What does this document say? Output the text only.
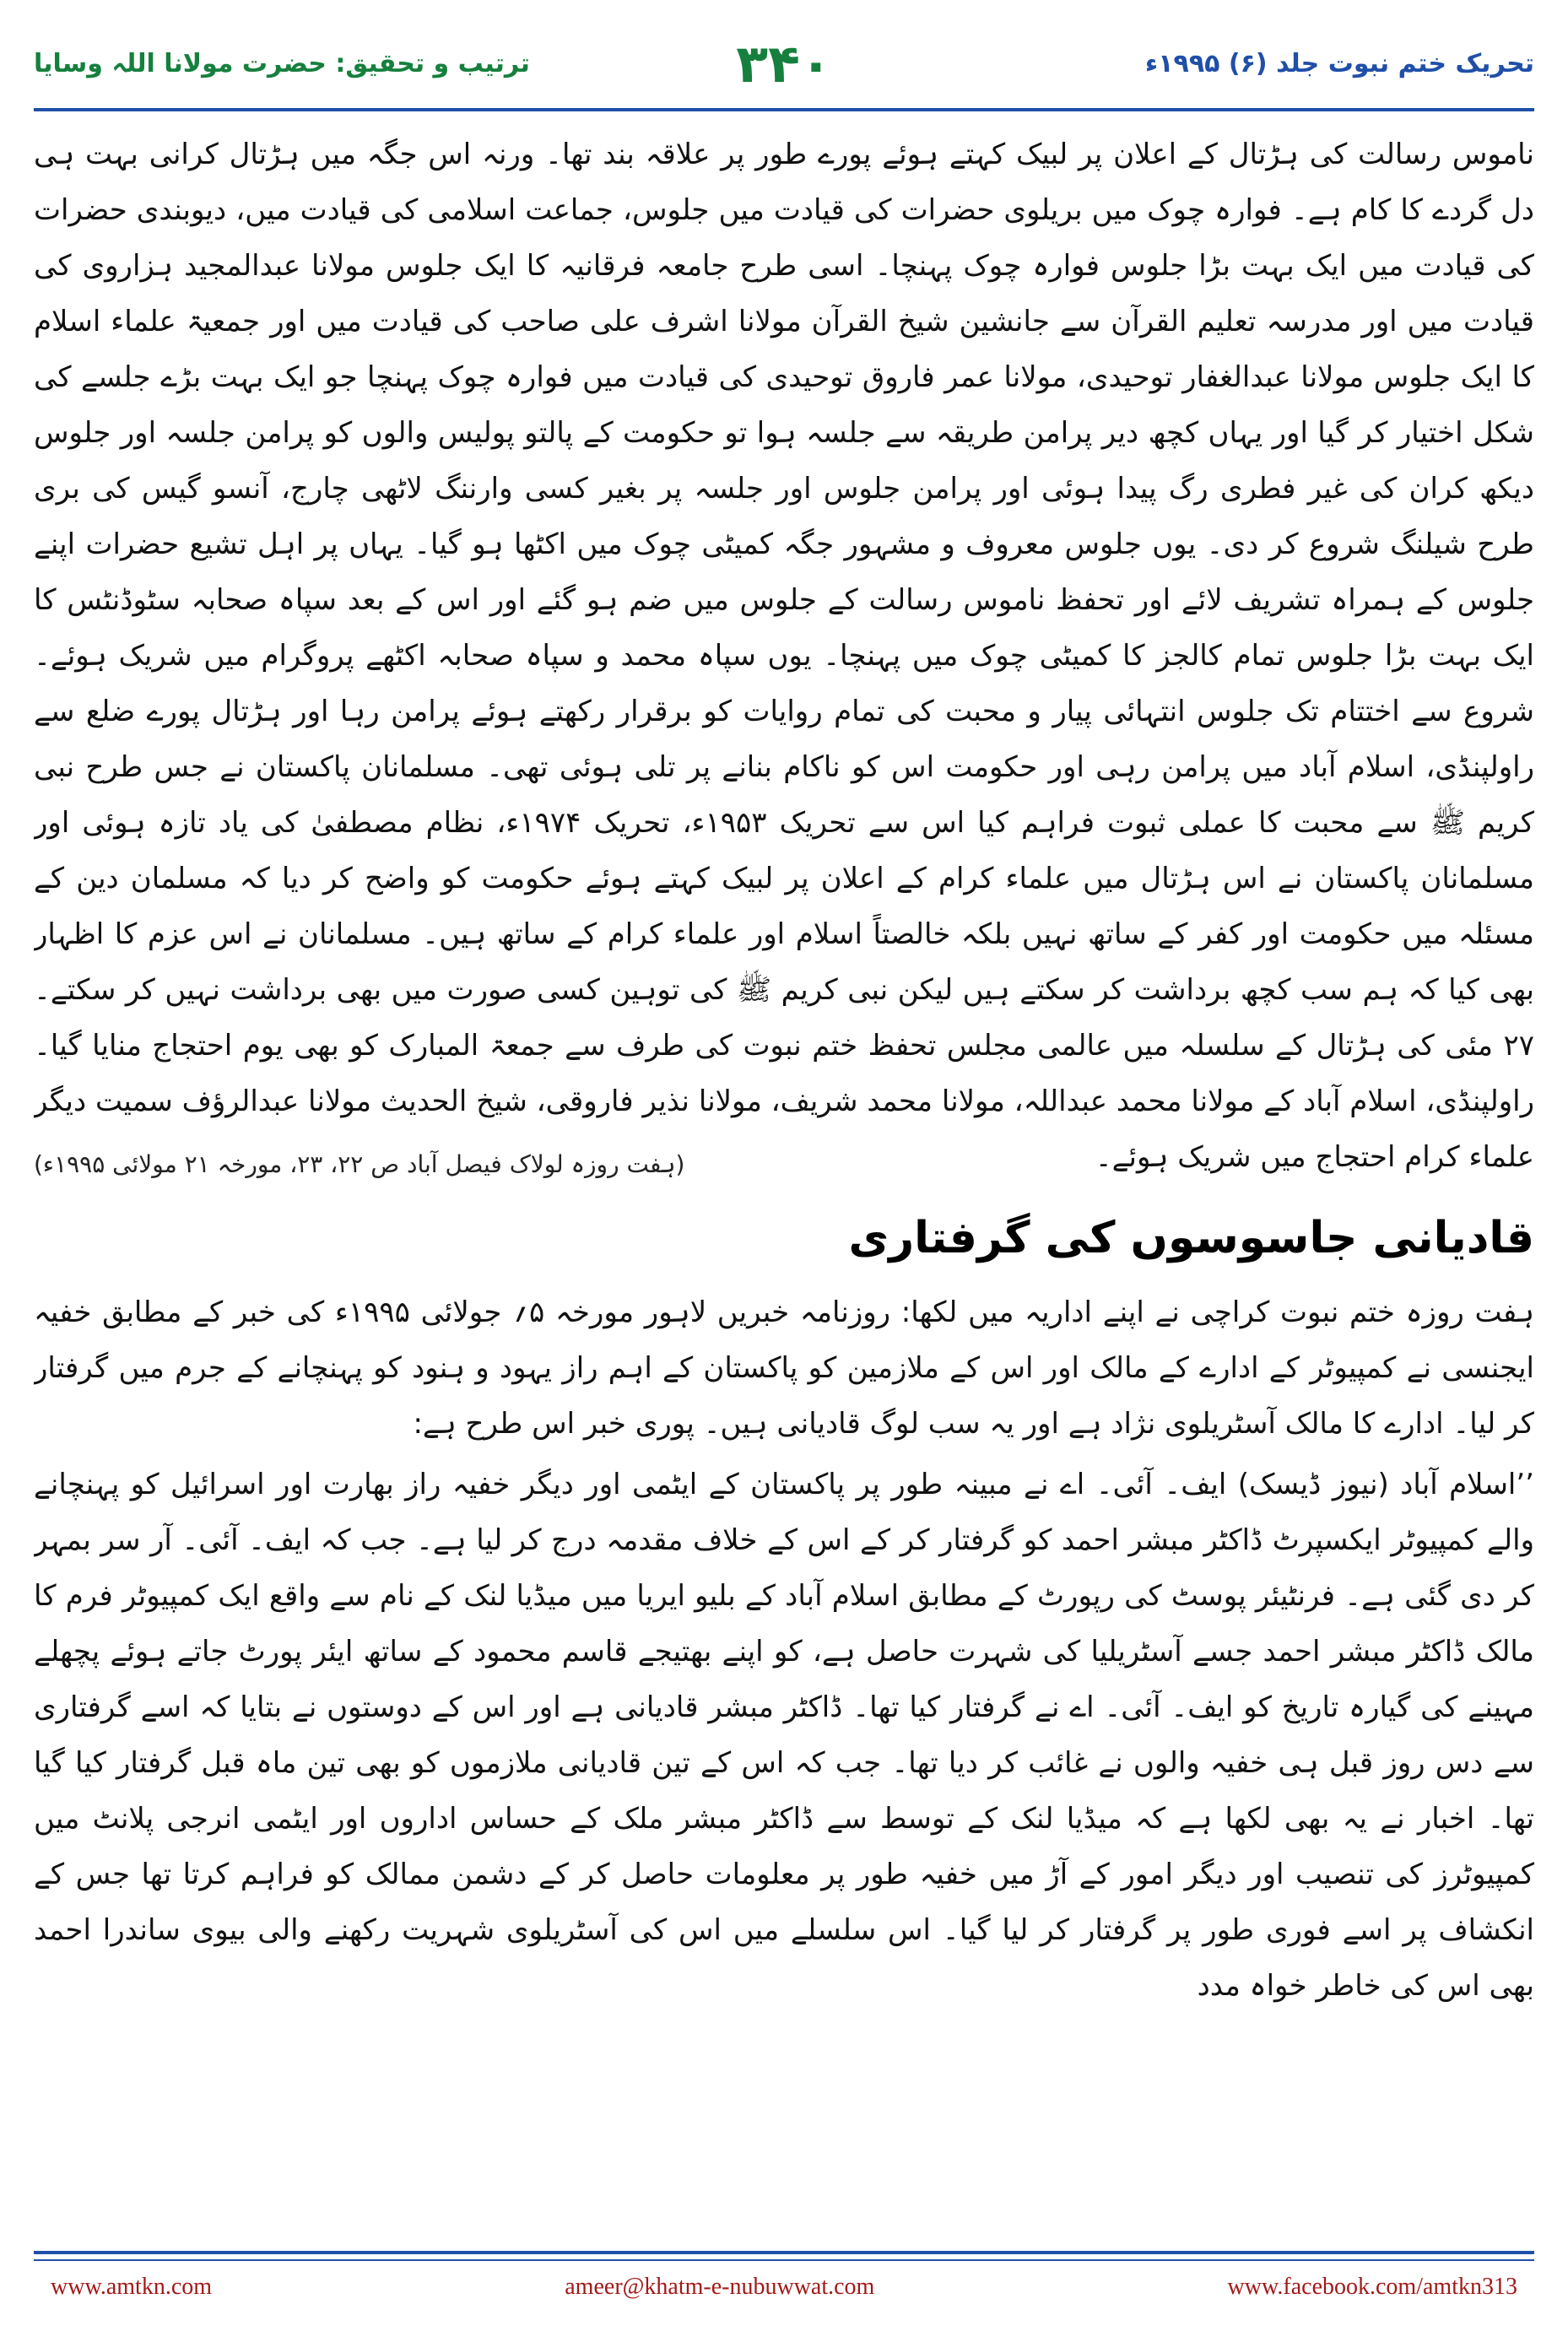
ترتیب و تحقیق: حضرت مولانا اللہ وسایا	۳۴۰	تحریک ختم نبوت جلد (۶) ۱۹۹۵ء

ناموس رسالت کی ہڑتال کے اعلان پر لبیک کہتے ہوئے پورے طور پر علاقہ بند تھا۔ ورنہ اس جگہ میں ہڑتال کرانی بہت ہی دل گردے کا کام ہے۔ فوارہ چوک میں بریلوی حضرات کی قیادت میں جلوس، جماعت اسلامی کی قیادت میں، دیوبندی حضرات کی قیادت میں ایک بہت بڑا جلوس فوارہ چوک پہنچا۔ اسی طرح جامعہ فرقانیہ کا ایک جلوس مولانا عبدالمجید ہزاروی کی قیادت میں اور مدرسہ تعلیم القرآن سے جانشین شیخ القرآن مولانا اشرف علی صاحب کی قیادت میں اور جمعیۃ علماء اسلام کا ایک جلوس مولانا عبدالغفار توحیدی، مولانا عمر فاروق توحیدی کی قیادت میں فوارہ چوک پہنچا جو ایک بہت بڑے جلسے کی شکل اختیار کر گیا اور یہاں کچھ دیر پرامن طریقہ سے جلسہ ہوا تو حکومت کے پالتو پولیس والوں کو پرامن جلسہ اور جلوس دیکھ کران کی غیر فطری رگ پیدا ہوئی اور پرامن جلوس اور جلسہ پر بغیر کسی وارننگ لاٹھی چارج، آنسو گیس کی بری طرح شیلنگ شروع کر دی۔ یوں جلوس معروف و مشہور جگہ کمیٹی چوک میں اکٹھا ہو گیا۔ یہاں پر اہل تشیع حضرات اپنے جلوس کے ہمراہ تشریف لائے اور تحفظ ناموس رسالت کے جلوس میں ضم ہو گئے اور اس کے بعد سپاہ صحابہ سٹوڈنٹس کا ایک بہت بڑا جلوس تمام کالجز کا کمیٹی چوک میں پہنچا۔ یوں سپاہ محمد و سپاہ صحابہ اکٹھے پروگرام میں شریک ہوئے۔ شروع سے اختتام تک جلوس انتہائی پیار و محبت کی تمام روایات کو برقرار رکھتے ہوئے پرامن رہا اور ہڑتال پورے ضلع سے راولپنڈی، اسلام آباد میں پرامن رہی اور حکومت اس کو ناکام بنانے پر تلی ہوئی تھی۔ مسلمانان پاکستان نے جس طرح نبی کریم ﷺ سے محبت کا عملی ثبوت فراہم کیا اس سے تحریک ۱۹۵۳ء، تحریک ۱۹۷۴ء، نظام مصطفیٰ کی یاد تازہ ہوئی اور مسلمانان پاکستان نے اس ہڑتال میں علماء کرام کے اعلان پر لبیک کہتے ہوئے حکومت کو واضح کر دیا کہ مسلمان دین کے مسئلہ میں حکومت اور کفر کے ساتھ نہیں بلکہ خالصتاً اسلام اور علماء کرام کے ساتھ ہیں۔ مسلمانان نے اس عزم کا اظہار بھی کیا کہ ہم سب کچھ برداشت کر سکتے ہیں لیکن نبی کریم ﷺ کی توہین کسی صورت میں بھی برداشت نہیں کر سکتے۔ ۲۷ مئی کی ہڑتال کے سلسلہ میں عالمی مجلس تحفظ ختم نبوت کی طرف سے جمعۃ المبارک کو بھی یوم احتجاج منایا گیا۔ راولپنڈی، اسلام آباد کے مولانا محمد عبداللہ، مولانا محمد شریف، مولانا نذیر فاروقی، شیخ الحدیث مولانا عبدالرؤف سمیت دیگر علماء کرام احتجاج میں شریک ہوئے۔

(ہفت روزہ لولاک فیصل آباد ص ۲۲، ۲۳، مورخہ ۲۱ مولائی ۱۹۹۵ء)
قادیانی جاسوسوں کی گرفتاری

ہفت روزہ ختم نبوت کراچی نے اپنے اداریہ میں لکھا: روزنامہ خبریں لاہور مورخہ ۵؍ جولائی ۱۹۹۵ء کی خبر کے مطابق خفیہ ایجنسی نے کمپیوٹر کے ادارے کے مالک اور اس کے ملازمین کو پاکستان کے اہم راز یہود و ہنود کو پہنچانے کے جرم میں گرفتار کر لیا۔ ادارے کا مالک آسٹریلوی نژاد ہے اور یہ سب لوگ قادیانی ہیں۔ پوری خبر اس طرح ہے:

’’اسلام آباد (نیوز ڈیسک) ایف۔ آئی۔ اے نے مبینہ طور پر پاکستان کے ایٹمی اور دیگر خفیہ راز بھارت اور اسرائیل کو پہنچانے والے کمپیوٹر ایکسپرٹ ڈاکٹر مبشر احمد کو گرفتار کر کے اس کے خلاف مقدمہ درج کر لیا ہے۔ جب کہ ایف۔ آئی۔ آر سر بمہر کر دی گئی ہے۔ فرنٹیئر پوسٹ کی رپورٹ کے مطابق اسلام آباد کے بلیو ایریا میں میڈیا لنک کے نام سے واقع ایک کمپیوٹر فرم کا مالک ڈاکٹر مبشر احمد جسے آسٹریلیا کی شہرت حاصل ہے، کو اپنے بھتیجے قاسم محمود کے ساتھ ایئر پورٹ جاتے ہوئے پچھلے مہینے کی گیارہ تاریخ کو ایف۔ آئی۔ اے نے گرفتار کیا تھا۔ ڈاکٹر مبشر قادیانی ہے اور اس کے دوستوں نے بتایا کہ اسے گرفتاری سے دس روز قبل ہی خفیہ والوں نے غائب کر دیا تھا۔ جب کہ اس کے تین قادیانی ملازموں کو بھی تین ماہ قبل گرفتار کیا گیا تھا۔ اخبار نے یہ بھی لکھا ہے کہ میڈیا لنک کے توسط سے ڈاکٹر مبشر ملک کے حساس اداروں اور ایٹمی انرجی پلانٹ میں کمپیوٹرز کی تنصیب اور دیگر امور کے آڑ میں خفیہ طور پر معلومات حاصل کر کے دشمن ممالک کو فراہم کرتا تھا جس کے انکشاف پر اسے فوری طور پر گرفتار کر لیا گیا۔ اس سلسلے میں اس کی آسٹریلوی شہریت رکھنے والی بیوی ساندرا احمد بھی اس کی خاطر خواہ مدد

www.amtkn.com	ameer@khatm-e-nubuwwat.com	www.facebook.com/amtkn313
